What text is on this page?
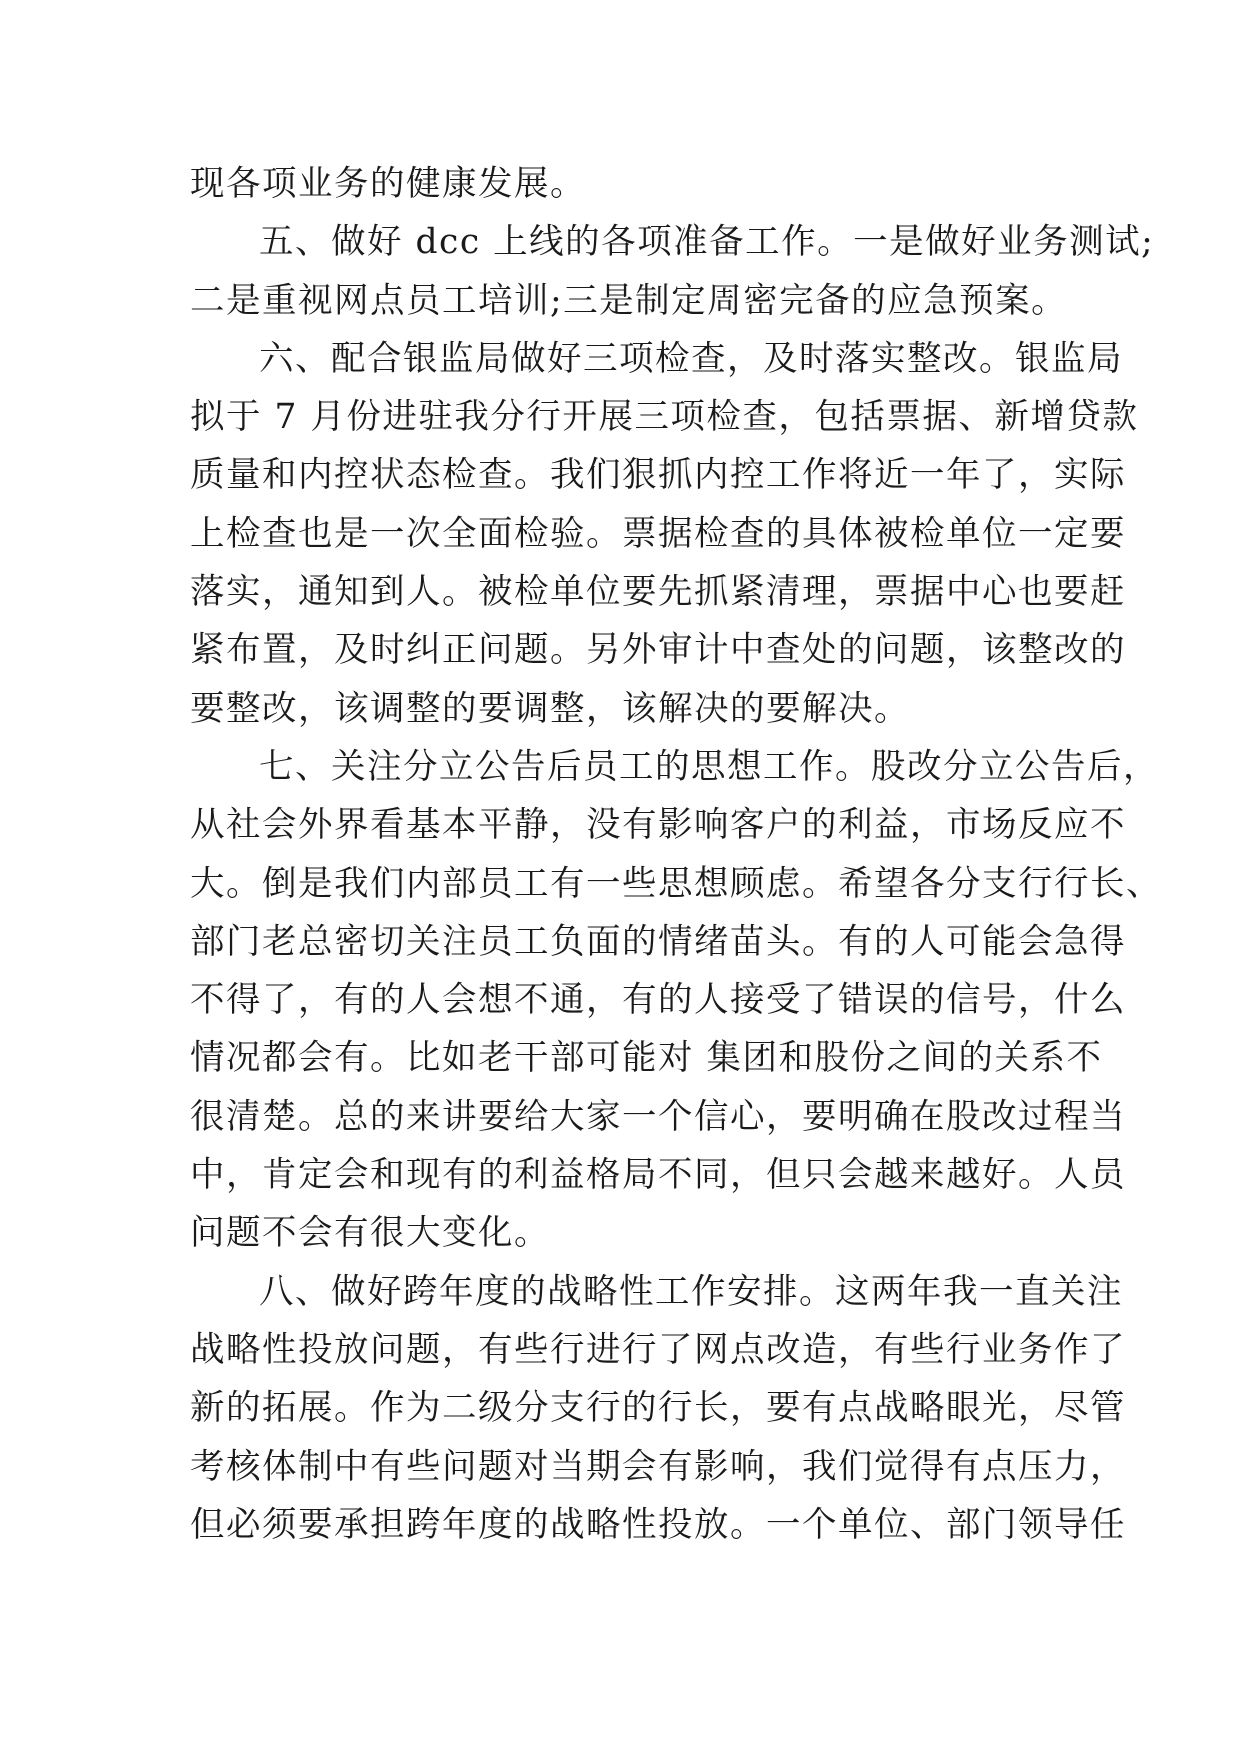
现各项业务的健康发展。
五、做好 dcc 上线的各项准备工作。一是做好业务测试;
二是重视网点员工培训;三是制定周密完备的应急预案。
六、配合银监局做好三项检查，及时落实整改。银监局
拟于 7 月份进驻我分行开展三项检查，包括票据、新增贷款
质量和内控状态检查。我们狠抓内控工作将近一年了，实际
上检查也是一次全面检验。票据检查的具体被检单位一定要
落实，通知到人。被检单位要先抓紧清理，票据中心也要赶
紧布置，及时纠正问题。另外审计中查处的问题，该整改的
要整改，该调整的要调整，该解决的要解决。
七、关注分立公告后员工的思想工作。股改分立公告后，
从社会外界看基本平静，没有影响客户的利益，市场反应不
大。倒是我们内部员工有一些思想顾虑。希望各分支行行长、
部门老总密切关注员工负面的情绪苗头。有的人可能会急得
不得了，有的人会想不通，有的人接受了错误的信号，什么
情况都会有。比如老干部可能对 集团和股份之间的关系不
很清楚。总的来讲要给大家一个信心，要明确在股改过程当
中，肯定会和现有的利益格局不同，但只会越来越好。人员
问题不会有很大变化。
八、做好跨年度的战略性工作安排。这两年我一直关注
战略性投放问题，有些行进行了网点改造，有些行业务作了
新的拓展。作为二级分支行的行长，要有点战略眼光，尽管
考核体制中有些问题对当期会有影响，我们觉得有点压力，
但必须要承担跨年度的战略性投放。一个单位、部门领导任
